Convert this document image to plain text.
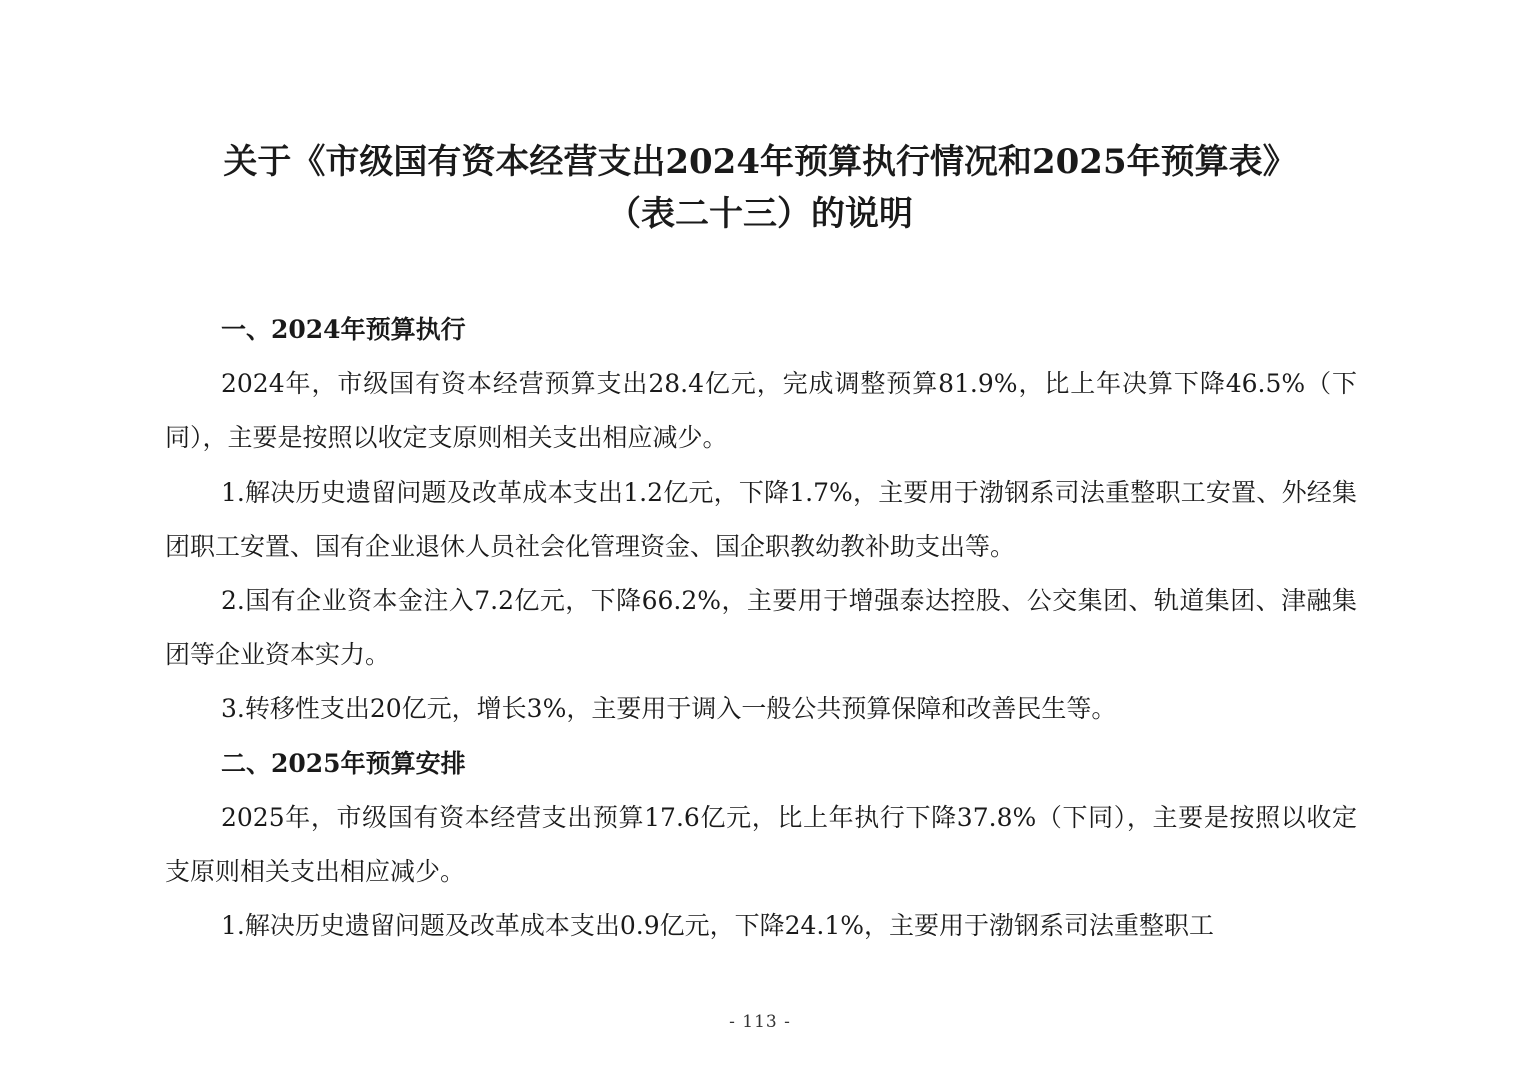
关于《市级国有资本经营支出2024年预算执行情况和2025年预算表》
（表二十三）的说明

一、2024年预算执行

2024年，市级国有资本经营预算支出28.4亿元，完成调整预算81.9%，比上年决算下降46.5%（下同），主要是按照以收定支原则相关支出相应减少。

1.解决历史遗留问题及改革成本支出1.2亿元，下降1.7%，主要用于渤钢系司法重整职工安置、外经集团职工安置、国有企业退休人员社会化管理资金、国企职教幼教补助支出等。

2.国有企业资本金注入7.2亿元，下降66.2%，主要用于增强泰达控股、公交集团、轨道集团、津融集团等企业资本实力。

3.转移性支出20亿元，增长3%，主要用于调入一般公共预算保障和改善民生等。

二、2025年预算安排

2025年，市级国有资本经营支出预算17.6亿元，比上年执行下降37.8%（下同），主要是按照以收定支原则相关支出相应减少。

1.解决历史遗留问题及改革成本支出0.9亿元，下降24.1%，主要用于渤钢系司法重整职工

- 113 -
